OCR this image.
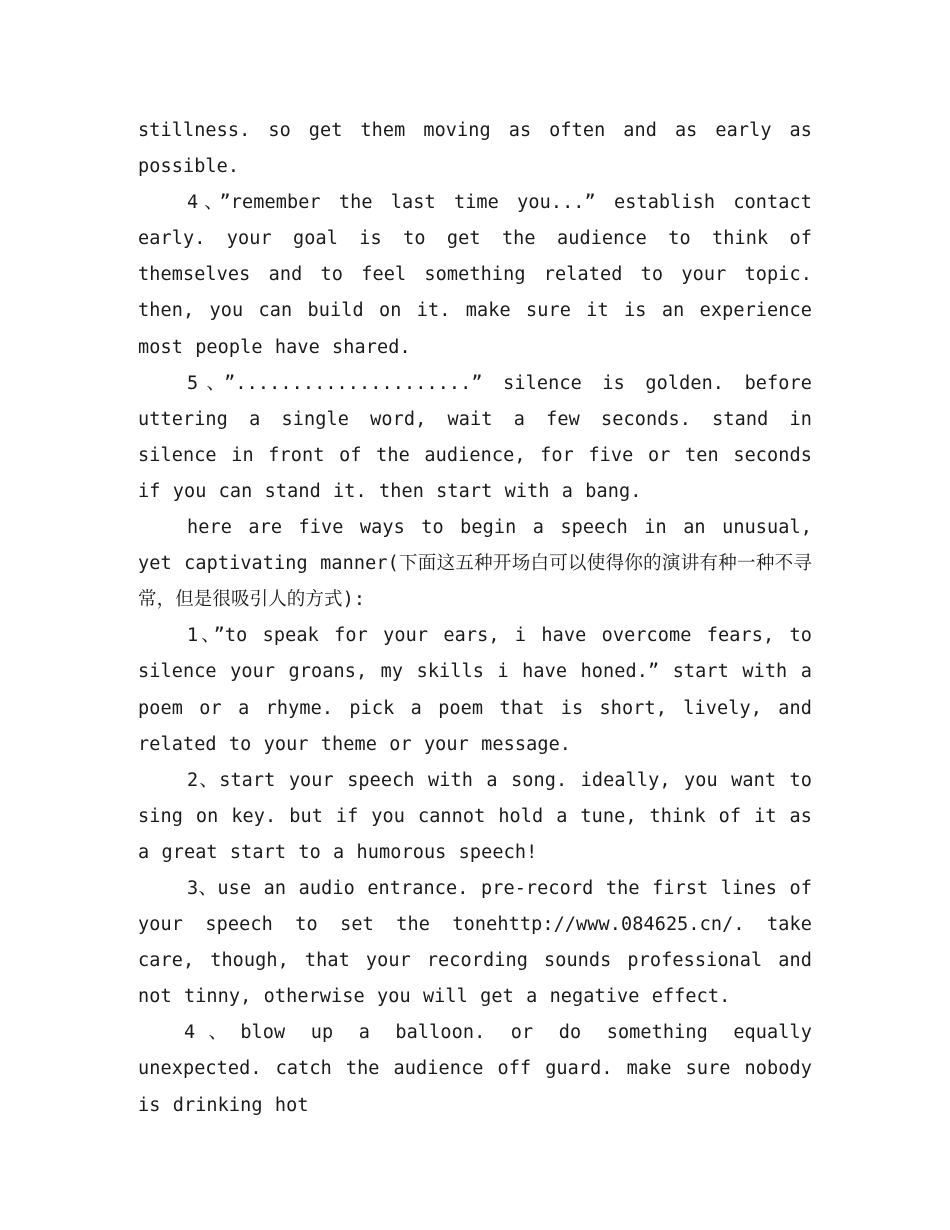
stillness. so get them moving as often and as early as possible.

4、”remember the last time you...” establish contact early. your goal is to get the audience to think of themselves and to feel something related to your topic. then, you can build on it. make sure it is an experience most people have shared.

5、”.....................” silence is golden. before uttering a single word, wait a few seconds. stand in silence in front of the audience, for five or ten seconds if you can stand it. then start with a bang.

here are five ways to begin a speech in an unusual, yet captivating manner(下面这五种开场白可以使得你的演讲有种一种不寻常，但是很吸引人的方式):

1、”to speak for your ears, i have overcome fears, to silence your groans, my skills i have honed.” start with a poem or a rhyme. pick a poem that is short, lively, and related to your theme or your message.

2、start your speech with a song. ideally, you want to sing on key. but if you cannot hold a tune, think of it as a great start to a humorous speech!

3、use an audio entrance. pre-record the first lines of your speech to set the tonehttp://www.084625.cn/. take care, though, that your recording sounds professional and not tinny, otherwise you will get a negative effect.

4、blow up a balloon. or do something equally unexpected. catch the audience off guard. make sure nobody is drinking hot
